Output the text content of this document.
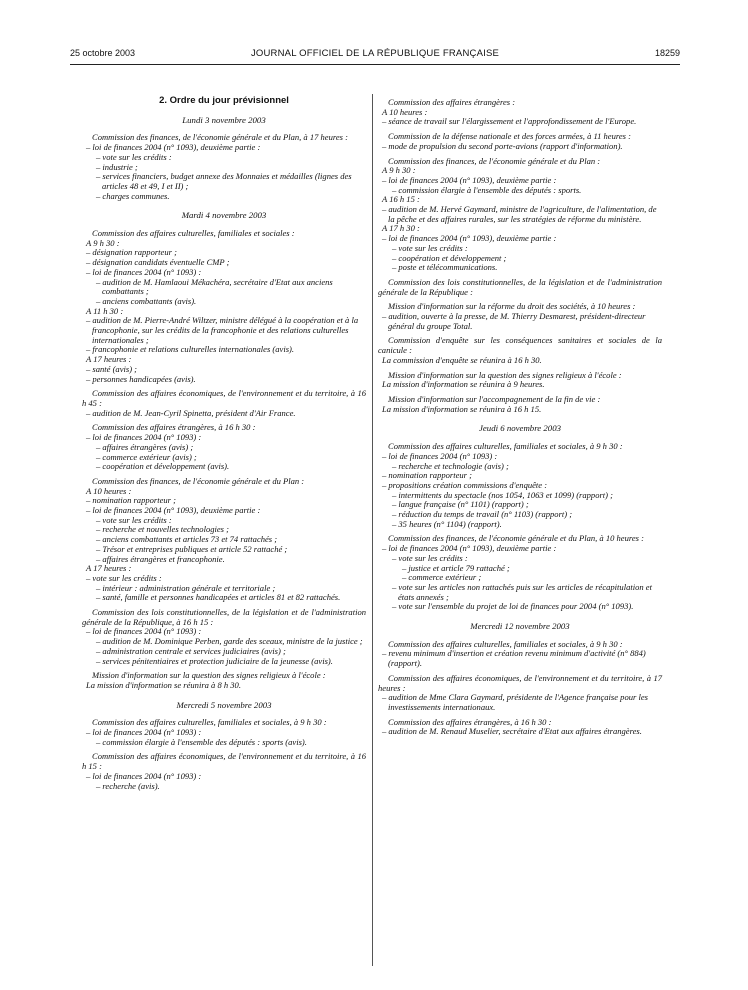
25 octobre 2003	JOURNAL OFFICIEL DE LA RÉPUBLIQUE FRANÇAISE	18259

2. Ordre du jour prévisionnel

Lundi 3 novembre 2003

Commission des finances, de l'économie générale et du Plan, à 17 heures :

– loi de finances 2004 (n° 1093), deuxième partie :

– vote sur les crédits :

– industrie ;

– services financiers, budget annexe des Monnaies et médailles (lignes des articles 48 et 49, I et II) ;

– charges communes.

Mardi 4 novembre 2003

Commission des affaires culturelles, familiales et sociales :

A 9 h 30 :

– désignation rapporteur ;

– désignation candidats éventuelle CMP ;

– loi de finances 2004 (n° 1093) :

– audition de M. Hamlaoui Mékachéra, secrétaire d'Etat aux anciens combattants ;

– anciens combattants (avis).

A 11 h 30 :

– audition de M. Pierre-André Wiltzer, ministre délégué à la coopération et à la francophonie, sur les crédits de la francophonie et des relations culturelles internationales ;

– francophonie et relations culturelles internationales (avis).

A 17 heures :

– santé (avis) ;

– personnes handicapées (avis).

Commission des affaires économiques, de l'environnement et du territoire, à 16 h 45 :

– audition de M. Jean-Cyril Spinetta, président d'Air France.

Commission des affaires étrangères, à 16 h 30 :

– loi de finances 2004 (n° 1093) :

– affaires étrangères (avis) ;

– commerce extérieur (avis) ;

– coopération et développement (avis).

Commission des finances, de l'économie générale et du Plan :

A 10 heures :

– nomination rapporteur ;

– loi de finances 2004 (n° 1093), deuxième partie :

– vote sur les crédits :

– recherche et nouvelles technologies ;

– anciens combattants et articles 73 et 74 rattachés ;

– Trésor et entreprises publiques et article 52 rattaché ;

– affaires étrangères et francophonie.

A 17 heures :

– vote sur les crédits :

– intérieur : administration générale et territoriale ;

– santé, famille et personnes handicapées et articles 81 et 82 rattachés.

Commission des lois constitutionnelles, de la législation et de l'administration générale de la République, à 16 h 15 :

– loi de finances 2004 (n° 1093) :

– audition de M. Dominique Perben, garde des sceaux, ministre de la justice ;

– administration centrale et services judiciaires (avis) ;

– services pénitentiaires et protection judiciaire de la jeunesse (avis).

Mission d'information sur la question des signes religieux à l'école :

La mission d'information se réunira à 8 h 30.

Mercredi 5 novembre 2003

Commission des affaires culturelles, familiales et sociales, à 9 h 30 :

– loi de finances 2004 (n° 1093) :

– commission élargie à l'ensemble des députés : sports (avis).

Commission des affaires économiques, de l'environnement et du territoire, à 16 h 15 :

– loi de finances 2004 (n° 1093) :

– recherche (avis).

Commission des affaires étrangères :

A 10 heures :

– séance de travail sur l'élargissement et l'approfondissement de l'Europe.

Commission de la défense nationale et des forces armées, à 11 heures :

– mode de propulsion du second porte-avions (rapport d'information).

Commission des finances, de l'économie générale et du Plan :

A 9 h 30 :

– loi de finances 2004 (n° 1093), deuxième partie :

– commission élargie à l'ensemble des députés : sports.

A 16 h 15 :

– audition de M. Hervé Gaymard, ministre de l'agriculture, de l'alimentation, de la pêche et des affaires rurales, sur les stratégies de réforme du ministère.

A 17 h 30 :

– loi de finances 2004 (n° 1093), deuxième partie :

– vote sur les crédits :

– coopération et développement ;

– poste et télécommunications.

Commission des lois constitutionnelles, de la législation et de l'administration générale de la République :

Mission d'information sur la réforme du droit des sociétés, à 10 heures :

– audition, ouverte à la presse, de M. Thierry Desmarest, président-directeur général du groupe Total.

Commission d'enquête sur les conséquences sanitaires et sociales de la canicule :

La commission d'enquête se réunira à 16 h 30.

Mission d'information sur la question des signes religieux à l'école :

La mission d'information se réunira à 9 heures.

Mission d'information sur l'accompagnement de la fin de vie :

La mission d'information se réunira à 16 h 15.

Jeudi 6 novembre 2003

Commission des affaires culturelles, familiales et sociales, à 9 h 30 :

– loi de finances 2004 (n° 1093) :

– recherche et technologie (avis) ;

– nomination rapporteur ;

– propositions création commissions d'enquête :

– intermittents du spectacle (nos 1054, 1063 et 1099) (rapport) ;

– langue française (n° 1101) (rapport) ;

– réduction du temps de travail (n° 1103) (rapport) ;

– 35 heures (n° 1104) (rapport).

Commission des finances, de l'économie générale et du Plan, à 10 heures :

– loi de finances 2004 (n° 1093), deuxième partie :

– vote sur les crédits :

– justice et article 79 rattaché ;

– commerce extérieur ;

– vote sur les articles non rattachés puis sur les articles de récapitulation et états annexés ;

– vote sur l'ensemble du projet de loi de finances pour 2004 (n° 1093).

Mercredi 12 novembre 2003

Commission des affaires culturelles, familiales et sociales, à 9 h 30 :

– revenu minimum d'insertion et création revenu minimum d'activité (n° 884) (rapport).

Commission des affaires économiques, de l'environnement et du territoire, à 17 heures :

– audition de Mme Clara Gaymard, présidente de l'Agence française pour les investissements internationaux.

Commission des affaires étrangères, à 16 h 30 :

– audition de M. Renaud Muselier, secrétaire d'Etat aux affaires étrangères.
